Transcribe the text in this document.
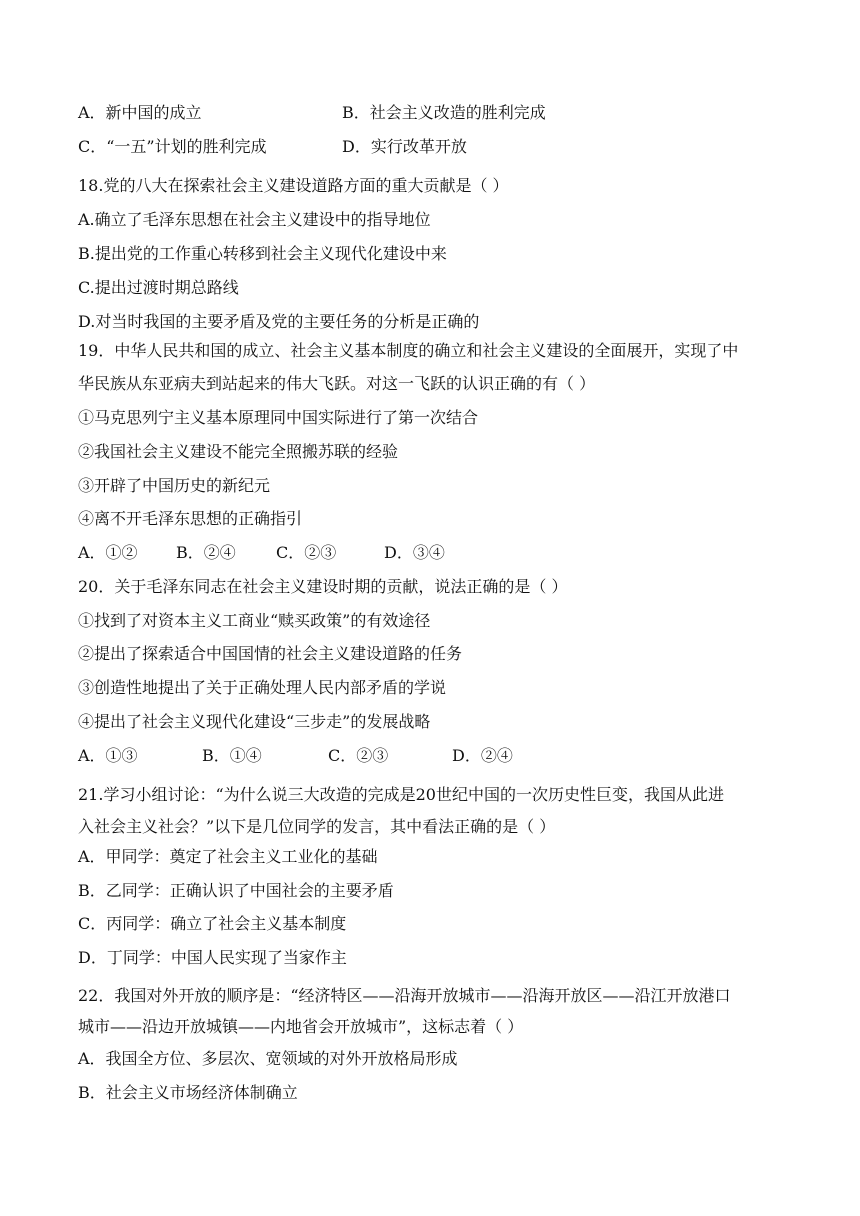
A．新中国的成立	B．社会主义改造的胜利完成
C．“一五”计划的胜利完成	D．实行改革开放
18.党的八大在探索社会主义建设道路方面的重大贡献是（ ）
A.确立了毛泽东思想在社会主义建设中的指导地位
B.提出党的工作重心转移到社会主义现代化建设中来
C.提出过渡时期总路线
D.对当时我国的主要矛盾及党的主要任务的分析是正确的
19．中华人民共和国的成立、社会主义基本制度的确立和社会主义建设的全面展开，实现了中
华民族从东亚病夫到站起来的伟大飞跃。对这一飞跃的认识正确的有（ ）
①马克思列宁主义基本原理同中国实际进行了第一次结合
②我国社会主义建设不能完全照搬苏联的经验
③开辟了中国历史的新纪元
④离不开毛泽东思想的正确指引
A．①② B．②④	C．②③	D．③④
20．关于毛泽东同志在社会主义建设时期的贡献，说法正确的是（ ）
①找到了对资本主义工商业“赎买政策”的有效途径
②提出了探索适合中国国情的社会主义建设道路的任务
③创造性地提出了关于正确处理人民内部矛盾的学说
④提出了社会主义现代化建设“三步走”的发展战略
A．①③	B．①④	C．②③	D．②④
21.学习小组讨论：“为什么说三大改造的完成是20世纪中国的一次历史性巨变，我国从此进
入社会主义社会？”以下是几位同学的发言，其中看法正确的是（ ）
A．甲同学：奠定了社会主义工业化的基础
B．乙同学：正确认识了中国社会的主要矛盾
C．丙同学：确立了社会主义基本制度
D．丁同学：中国人民实现了当家作主
22．我国对外开放的顺序是：“经济特区——沿海开放城市——沿海开放区——沿江开放港口
城市——沿边开放城镇——内地省会开放城市”，这标志着（ ）
A．我国全方位、多层次、宽领域的对外开放格局形成
B．社会主义市场经济体制确立
